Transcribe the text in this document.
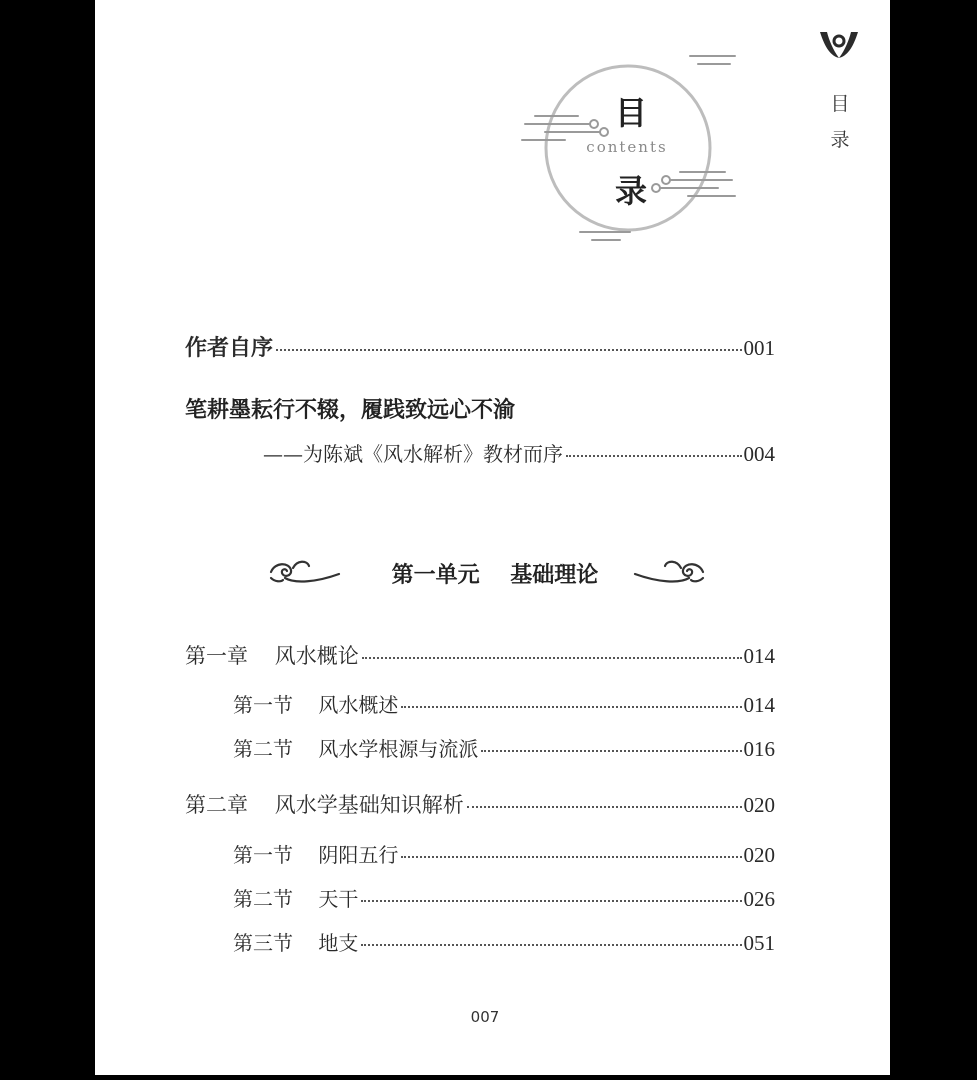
目
录
目
contents
录
作者自序	001
笔耕墨耘行不辍，履践致远心不渝
——为陈斌《风水解析》教材而序	004
第一单元    基础理论
第一章    风水概论	014
第一节    风水概述	014
第二节    风水学根源与流派	016
第二章    风水学基础知识解析	020
第一节    阴阳五行	020
第二节    天干	026
第三节    地支	051
007
